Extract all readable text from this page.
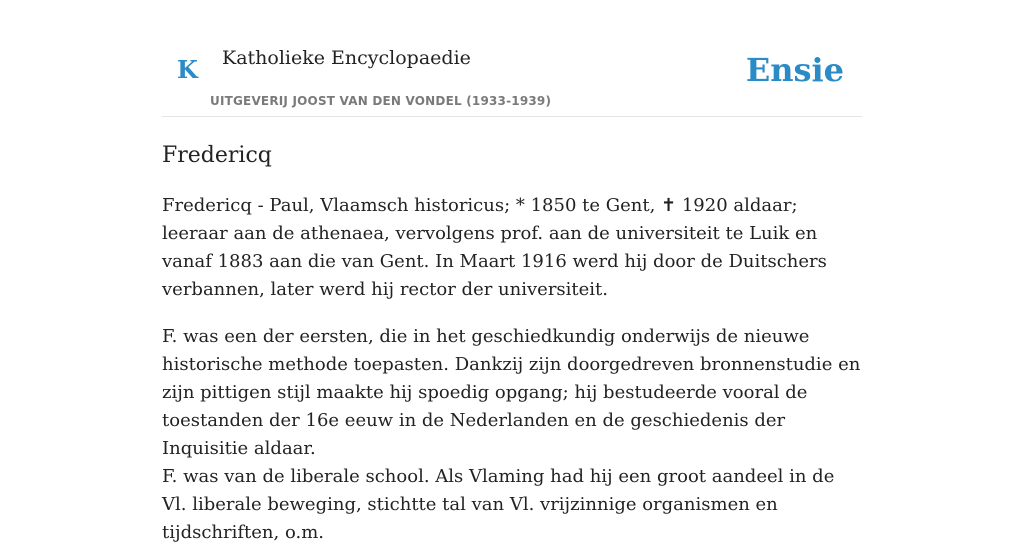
K Katholieke Encyclopaedie
UITGEVERIJ JOOST VAN DEN VONDEL (1933-1939)
Ensie
Fredericq

Fredericq - Paul, Vlaamsch historicus; * 1850 te Gent, ✝ 1920 aldaar; leeraar aan de athenaea, vervolgens prof. aan de universiteit te Luik en vanaf 1883 aan die van Gent. In Maart 1916 werd hij door de Duitschers verbannen, later werd hij rector der universiteit.

F. was een der eersten, die in het geschiedkundig onderwijs de nieuwe historische methode toepasten. Dankzij zijn doorgedreven bronnenstudie en zijn pittigen stijl maakte hij spoedig opgang; hij bestudeerde vooral de toestanden der 16e eeuw in de Nederlanden en de geschiedenis der Inquisitie aldaar.

F. was van de liberale school. Als Vlaming had hij een groot aandeel in de Vl. liberale beweging, stichtte tal van Vl. vrijzinnige organismen en tijdschriften, o.m.
